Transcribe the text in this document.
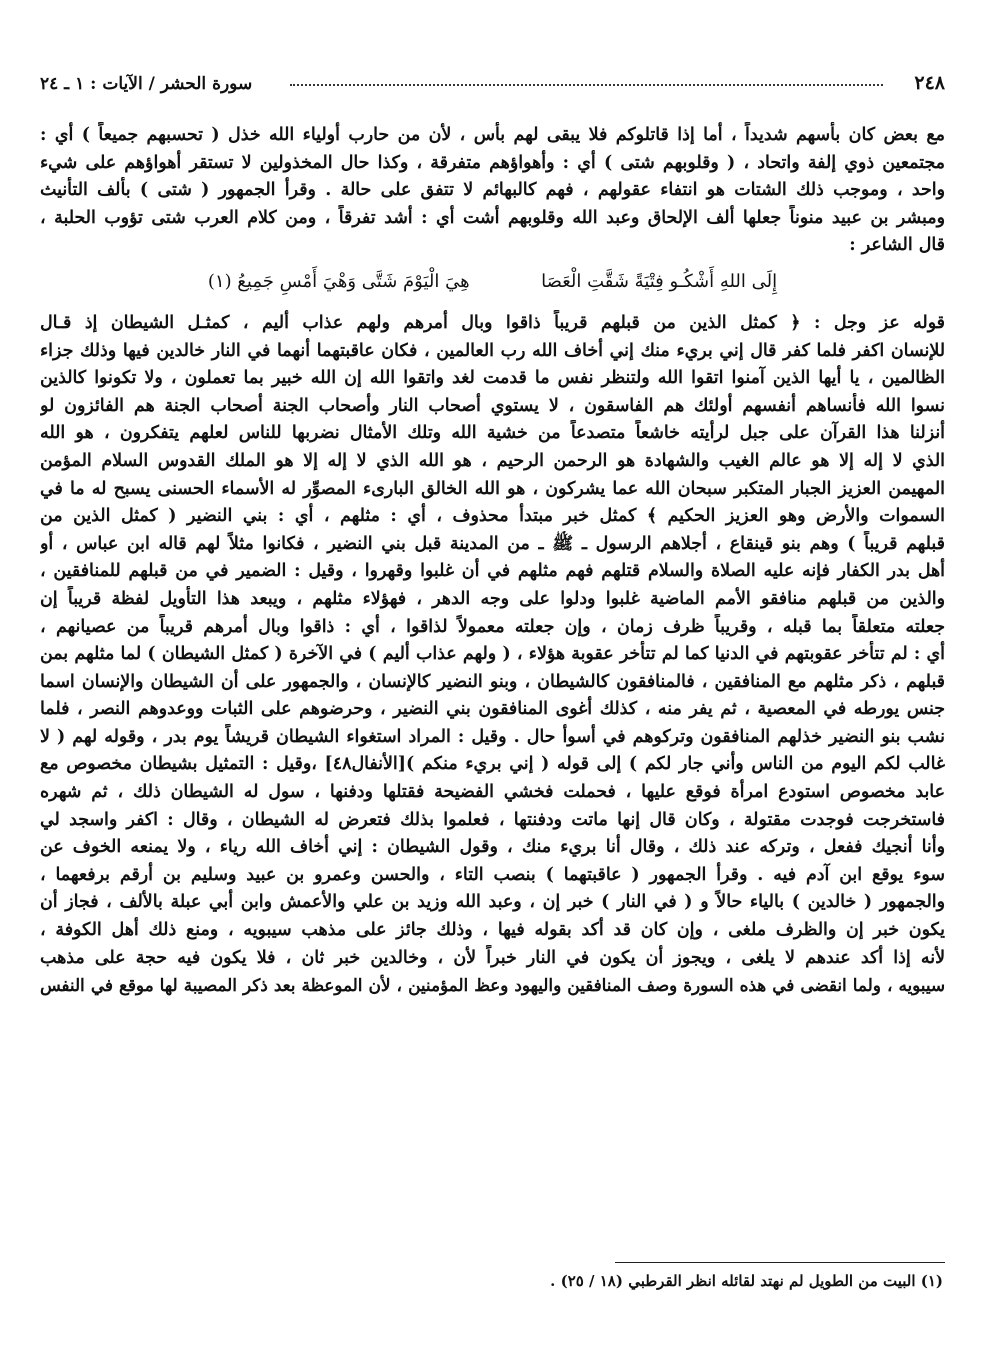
٢٤٨
سورة الحشر / الآيات : ١ ـ ٢٤
مع بعض كان بأسهم شديداً ، أما إذا قاتلوكم فلا يبقى لهم بأس ، لأن من حارب أولياء الله خذل ( تحسبهم جميعاً ) أي :
مجتمعين ذوي إلفة واتحاد ، ( وقلوبهم شتى ) أي : وأهواؤهم متفرقة ، وكذا حال المخذولين لا تستقر أهواؤهم على شيء
واحد ، وموجب ذلك الشتات هو انتفاء عقولهم ، فهم كالبهائم لا تتفق على حالة . وقرأ الجمهور ( شتى ) بألف التأنيث
ومبشر بن عبيد منوناً جعلها ألف الإلحاق وعبد الله وقلوبهم أشت أي : أشد تفرقاً ، ومن كلام العرب شتى تؤوب الحلبة ،
قال الشاعر :
إِلَى اللهِ أَشْكُـو فِتْيَةً شَقَّتِ الْعَصَا  هِيَ الْيَوْمَ شَتَّى وَهْيَ أَمْسِ جَمِيعُ (١)
قوله عز وجل : ﴿ كمثل الذين من قبلهم قريباً ذاقوا وبال أمرهم ولهم عذاب أليم ، كمثـل الشيطان إذ قـال
للإنسان اكفر فلما كفر قال إني بريء منك إني أخاف الله رب العالمين ، فكان عاقبتهما أنهما في النار خالدين فيها وذلك جزاء
الظالمين ، يا أيها الذين آمنوا اتقوا الله ولتنظر نفس ما قدمت لغد واتقوا الله إن الله خبير بما تعملون ، ولا تكونوا كالذين
نسوا الله فأنساهم أنفسهم أولئك هم الفاسقون ، لا يستوي أصحاب النار وأصحاب الجنة أصحاب الجنة هم الفائزون لو
أنزلنا هذا القرآن على جبل لرأيته خاشعاً متصدعاً من خشية الله وتلك الأمثال نضربها للناس لعلهم يتفكرون ، هو الله
الذي لا إله إلا هو عالم الغيب والشهادة هو الرحمن الرحيم ، هو الله الذي لا إله إلا هو الملك القدوس السلام المؤمن
المهيمن العزيز الجبار المتكبر سبحان الله عما يشركون ، هو الله الخالق البارىء المصوِّر له الأسماء الحسنى يسبح له ما في
السموات والأرض وهو العزيز الحكيم ﴾ كمثل خبر مبتدأ محذوف ، أي : مثلهم ، أي : بني النضير ( كمثل الذين من
قبلهم قريباً ) وهم بنو قينقاع ، أجلاهم الرسول ـ ﷺ ـ من المدينة قبل بني النضير ، فكانوا مثلاً لهم قاله ابن عباس ، أو
أهل بدر الكفار فإنه عليه الصلاة والسلام قتلهم فهم مثلهم في أن غلبوا وقهروا ، وقيل : الضمير في من قبلهم للمنافقين ،
والذين من قبلهم منافقو الأمم الماضية غلبوا ودلوا على وجه الدهر ، فهؤلاء مثلهم ، ويبعد هذا التأويل لفظة قريباً إن
جعلته متعلقاً بما قبله ، وقريباً ظرف زمان ، وإن جعلته معمولاً لذاقوا ، أي : ذاقوا وبال أمرهم قريباً من عصيانهم ،
أي : لم تتأخر عقوبتهم في الدنيا كما لم تتأخر عقوبة هؤلاء ، ( ولهم عذاب أليم ) في الآخرة ( كمثل الشيطان ) لما مثلهم بمن
قبلهم ، ذكر مثلهم مع المنافقين ، فالمنافقون كالشيطان ، وبنو النضير كالإنسان ، والجمهور على أن الشيطان والإنسان اسما
جنس يورطه في المعصية ، ثم يفر منه ، كذلك أغوى المنافقون بني النضير ، وحرضوهم على الثبات ووعدوهم النصر ، فلما
نشب بنو النضير خذلهم المنافقون وتركوهم في أسوأ حال . وقيل : المراد استغواء الشيطان قريشاً يوم بدر ، وقوله لهم ( لا
غالب لكم اليوم من الناس وأني جار لكم ) إلى قوله ( إني بريء منكم )[الأنفال٤٨] ،وقيل : التمثيل بشيطان مخصوص مع
عابد مخصوص استودع امرأة فوقع عليها ، فحملت فخشي الفضيحة فقتلها ودفنها ، سول له الشيطان ذلك ، ثم شهره
فاستخرجت فوجدت مقتولة ، وكان قال إنها ماتت ودفنتها ، فعلموا بذلك فتعرض له الشيطان ، وقال : اكفر واسجد لي
وأنا أنجيك ففعل ، وتركه عند ذلك ، وقال أنا بريء منك ، وقول الشيطان : إني أخاف الله رياء ، ولا يمنعه الخوف عن
سوء يوقع ابن آدم فيه . وقرأ الجمهور ( عاقبتهما ) بنصب التاء ، والحسن وعمرو بن عبيد وسليم بن أرقم برفعهما ،
والجمهور ( خالدين ) بالياء حالاً و ( في النار ) خبر إن ، وعبد الله وزيد بن علي والأعمش وابن أبي عبلة بالألف ، فجاز أن
يكون خبر إن والظرف ملغى ، وإن كان قد أكد بقوله فيها ، وذلك جائز على مذهب سيبويه ، ومنع ذلك أهل الكوفة ،
لأنه إذا أكد عندهم لا يلغى ، ويجوز أن يكون في النار خبراً لأن ، وخالدين خبر ثان ، فلا يكون فيه حجة على مذهب
سيبويه ، ولما انقضى في هذه السورة وصف المنافقين واليهود وعظ المؤمنين ، لأن الموعظة بعد ذكر المصيبة لها موقع في النفس
(١) البيت من الطويل لم نهتد لقائله انظر القرطبي (١٨ / ٢٥) .
